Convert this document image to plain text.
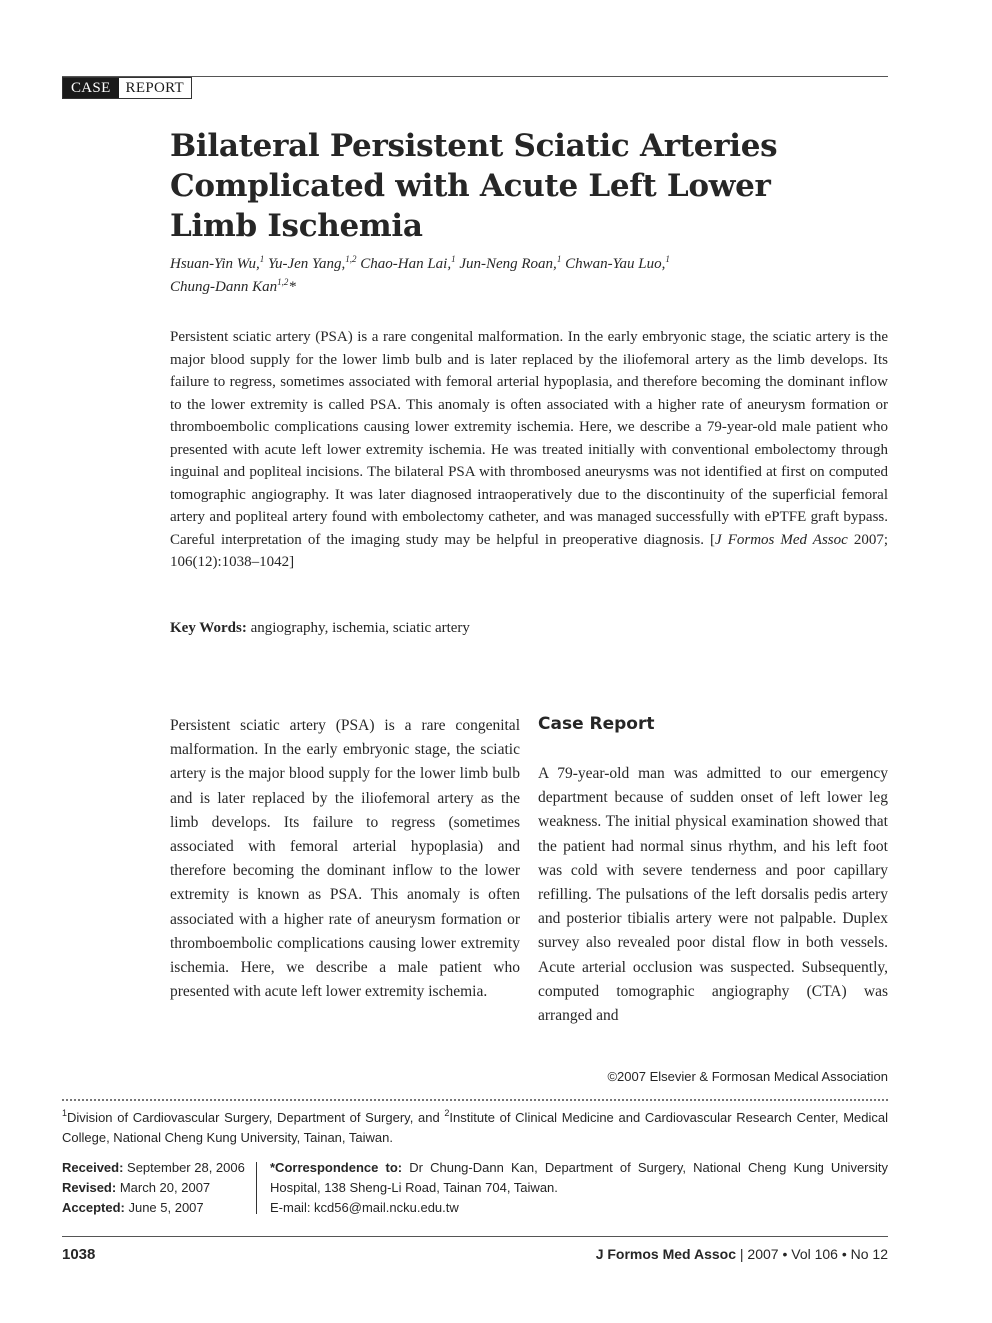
CASE	REPORT
Bilateral Persistent Sciatic Arteries
Complicated with Acute Left Lower
Limb Ischemia
Hsuan-Yin Wu,$^1$ Yu-Jen Yang,$^{1,2}$ Chao-Han Lai,$^1$ Jun-Neng Roan,$^1$ Chwan-Yau Luo,$^1$
Chung-Dann Kan$^{1,2}$*

Persistent sciatic artery (PSA) is a rare congenital malformation. In the early embryonic stage, the sciatic artery is the major blood supply for the lower limb bulb and is later replaced by the iliofemoral artery as the limb develops. Its failure to regress, sometimes associated with femoral arterial hypoplasia, and therefore becoming the dominant inflow to the lower extremity is called PSA. This anomaly is often associated with a higher rate of aneurysm formation or thromboembolic complications causing lower extremity ischemia. Here, we describe a 79-year-old male patient who presented with acute left lower extremity ischemia. He was treated initially with conventional embolectomy through inguinal and popliteal incisions. The bilateral PSA with thrombosed aneurysms was not identified at first on computed tomographic angiography. It was later diagnosed intraoperatively due to the discontinuity of the superficial femoral artery and popliteal artery found with embolectomy catheter, and was managed successfully with ePTFE graft bypass. Careful interpretation of the imaging study may be helpful in preoperative diagnosis. [J Formos Med Assoc 2007; 106(12):1038–1042]

Key Words: angiography, ischemia, sciatic artery

Persistent sciatic artery (PSA) is a rare congenital malformation. In the early embryonic stage, the sciatic artery is the major blood supply for the lower limb bulb and is later replaced by the iliofemoral artery as the limb develops. Its failure to regress (sometimes associated with femoral arterial hypoplasia) and therefore becoming the dominant inflow to the lower extremity is known as PSA. This anomaly is often associated with a higher rate of aneurysm formation or thromboembolic complications causing lower extremity ischemia. Here, we describe a male patient who presented with acute left lower extremity ischemia.

Case Report

A 79-year-old man was admitted to our emergency department because of sudden onset of left lower leg weakness. The initial physical examination showed that the patient had normal sinus rhythm, and his left foot was cold with severe tenderness and poor capillary refilling. The pulsations of the left dorsalis pedis artery and posterior tibialis artery were not palpable. Duplex survey also revealed poor distal flow in both vessels. Acute arterial occlusion was suspected. Subsequently, computed tomographic angiography (CTA) was arranged and

©2007 Elsevier & Formosan Medical Association

$^1$Division of Cardiovascular Surgery, Department of Surgery, and $^2$Institute of Clinical Medicine and Cardiovascular Research Center, Medical College, National Cheng Kung University, Tainan, Taiwan.

Received: September 28, 2006
Revised: March 20, 2007
Accepted: June 5, 2007
*Correspondence to: Dr Chung-Dann Kan, Department of Surgery, National Cheng Kung University Hospital, 138 Sheng-Li Road, Tainan 704, Taiwan.
E-mail: kcd56@mail.ncku.edu.tw
1038	J Formos Med Assoc | 2007 • Vol 106 • No 12
